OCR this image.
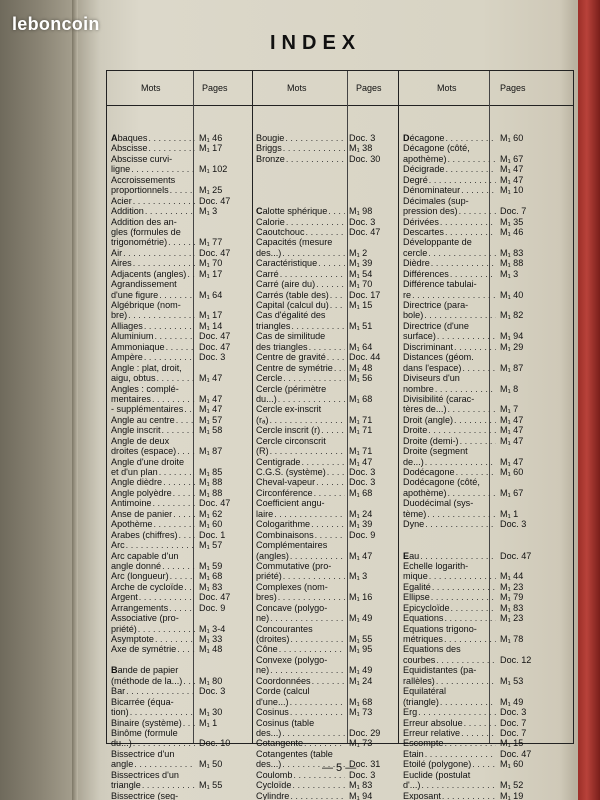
leboncoin
INDEX
Mots	Pages	Mots	Pages	Mots	Pages
Abaques . . .	M₁ 46
Abscisse . . .	M₁ 17
Abscisse curvi-
ligne . . .	M₁ 102
Accroissements
proportionnels . . .	M₁ 25
Acier . . .	Doc. 47
Addition . . .	M₁ 3
Addition des an-
gles (formules de
trigonométrie) . . .	M₁ 77
Air . . .	Doc. 47
Aires . . .	M₁ 70
Adjacents (angles) . . .	M₁ 17
Agrandissement
d'une figure . . .	M₁ 64
Algébrique (nom-
bre) . . .	M₁ 17
Alliages . . .	M₁ 14
Aluminium . . .	Doc. 47
Ammoniaque . . .	Doc. 47
Ampère . . .	Doc. 3
Angle : plat, droit,
aigu, obtus . . .	M₁ 47
Angles : complé-
mentaires . . .	M₁ 47
- supplémentaires . . .	M₁ 47
Angle au centre . . .	M₁ 57
Angle inscrit . . .	M₁ 58
Angle de deux
droites (espace) . . .	M₁ 87
Angle d'une droite
et d'un plan . . .	M₁ 85
Angle dièdre . . .	M₁ 88
Angle polyèdre . . .	M₁ 88
Antimoine . . .	Doc. 47
Anse de panier . . .	M₁ 62
Apothème . . .	M₁ 60
Arabes (chiffres) . . .	Doc. 1
Arc . . .	M₁ 57
Arc capable d'un
angle donné . . .	M₁ 59
Arc (longueur) . . .	M₁ 68
Arche de cycloïde . . .	M₁ 83
Argent . . .	Doc. 47
Arrangements . . .	Doc. 9
Associative (pro-
priété) . . .	M₁ 3-4
Asymptote . . .	M₁ 33
Axe de symétrie . . .	M₁ 48
Bande de papier
(méthode de la...) . . .	M₁ 80
Bar . . .	Doc. 3
Bicarrée (équa-
tion) . . .	M₁ 30
Binaire (système) . . .	M₁ 1
Binôme (formule
du...) . . .	Doc. 10
Bissectrice d'un
angle . . .	M₁ 50
Bissectrices d'un
triangle . . .	M₁ 55
Bissectrice (seg-
Bougie . . .	Doc. 3
Briggs . . .	M₁ 38
Bronze . . .	Doc. 30
Calotte sphérique . . .	M₁ 98
Calorie . . .	Doc. 3
Caoutchouc . . .	Doc. 47
Capacités (mesure
des...) . . .	M₁ 2
Caractéristique . . .	M₁ 39
Carré . . .	M₁ 54
Carré (aire du) . . .	M₁ 70
Carrés (table des) . . .	Doc. 17
Capital (calcul du) . . .	M₁ 15
Cas d'égalité des
triangles . . .	M₁ 51
Cas de similitude
des triangles . . .	M₁ 64
Centre de gravité . . .	Doc. 44
Centre de symétrie . . .	M₁ 48
Cercle . . .	M₁ 56
Cercle (périmètre
du...) . . .	M₁ 68
Cercle ex-inscrit
(rₐ) . . .	M₁ 71
Cercle inscrit (r) . . .	M₁ 71
Cercle circonscrit
(R) . . .	M₁ 71
Centigrade . . .	M₁ 47
C.G.S. (système) . . .	Doc. 3
Cheval-vapeur . . .	Doc. 3
Circonférence . . .	M₁ 68
Coefficient angu-
laire . . .	M₁ 24
Cologarithme . . .	M₁ 39
Combinaisons . . .	Doc. 9
Complémentaires
(angles) . . .	M₁ 47
Commutative (pro-
priété) . . .	M₁ 3
Complexes (nom-
bres) . . .	M₁ 16
Concave (polygo-
ne) . . .	M₁ 49
Concourantes
(droites) . . .	M₁ 55
Cône . . .	M₁ 95
Convexe (polygo-
ne) . . .	M₁ 49
Coordonnées . . .	M₁ 24
Corde (calcul
d'une...) . . .	M₁ 68
Cosinus . . .	M₁ 73
Cosinus (table
des...) . . .	Doc. 29
Cotangente . . .	M₁ 73
Cotangentes (table
des...) . . .	Doc. 31
Coulomb . . .	Doc. 3
Cycloïde . . .	M₁ 83
Cylindre . . .	M₁ 94
Décagone . . .	M₁ 60
Décagone (côté,
apothème) . . .	M₁ 67
Décigrade . . .	M₁ 47
Degré . . .	M₁ 47
Dénominateur . . .	M₁ 10
Décimales (sup-
pression des) . . .	Doc. 7
Dérivées . . .	M₁ 35
Descartes . . .	M₁ 46
Développante de
cercle . . .	M₁ 83
Dièdre . . .	M₁ 88
Différences . . .	M₁ 3
Différence tabulai-
re . . .	M₁ 40
Directrice (para-
bole) . . .	M₁ 82
Directrice (d'une
surface) . . .	M₁ 94
Discriminant . . .	M₁ 29
Distances (géom.
dans l'espace) . . .	M₁ 87
Diviseurs d'un
nombre . . .	M₁ 8
Divisibilité (carac-
tères de...) . . .	M₁ 7
Droit (angle) . . .	M₁ 47
Droite . . .	M₁ 47
Droite (demi-) . . .	M₁ 47
Droite (segment
de...) . . .	M₁ 47
Dodécagone . . .	M₁ 60
Dodécagone (côté,
apothème) . . .	M₁ 67
Duodécimal (sys-
tème) . . .	M₁ 1
Dyne . . .	Doc. 3
Eau . . .	Doc. 47
Echelle logarith-
mique . . .	M₁ 44
Egalité . . .	M₁ 23
Ellipse . . .	M₁ 79
Epicycloïde . . .	M₁ 83
Equations . . .	M₁ 23
Equations trigono-
métriques . . .	M₁ 78
Equations des
courbes . . .	Doc. 12
Equidistantes (pa-
rallèles) . . .	M₁ 53
Equilatéral
(triangle) . . .	M₁ 49
Erg . . .	Doc. 3
Erreur absolue . . .	Doc. 7
Erreur relative . . .	Doc. 7
Escompte . . .	M₁ 15
Etain . . .	Doc. 47
Etoilé (polygone) . . .	M₁ 60
Euclide (postulat
d'...) . . .	M₁ 52
Exposant . . .	M₁ 19
— 5 —
